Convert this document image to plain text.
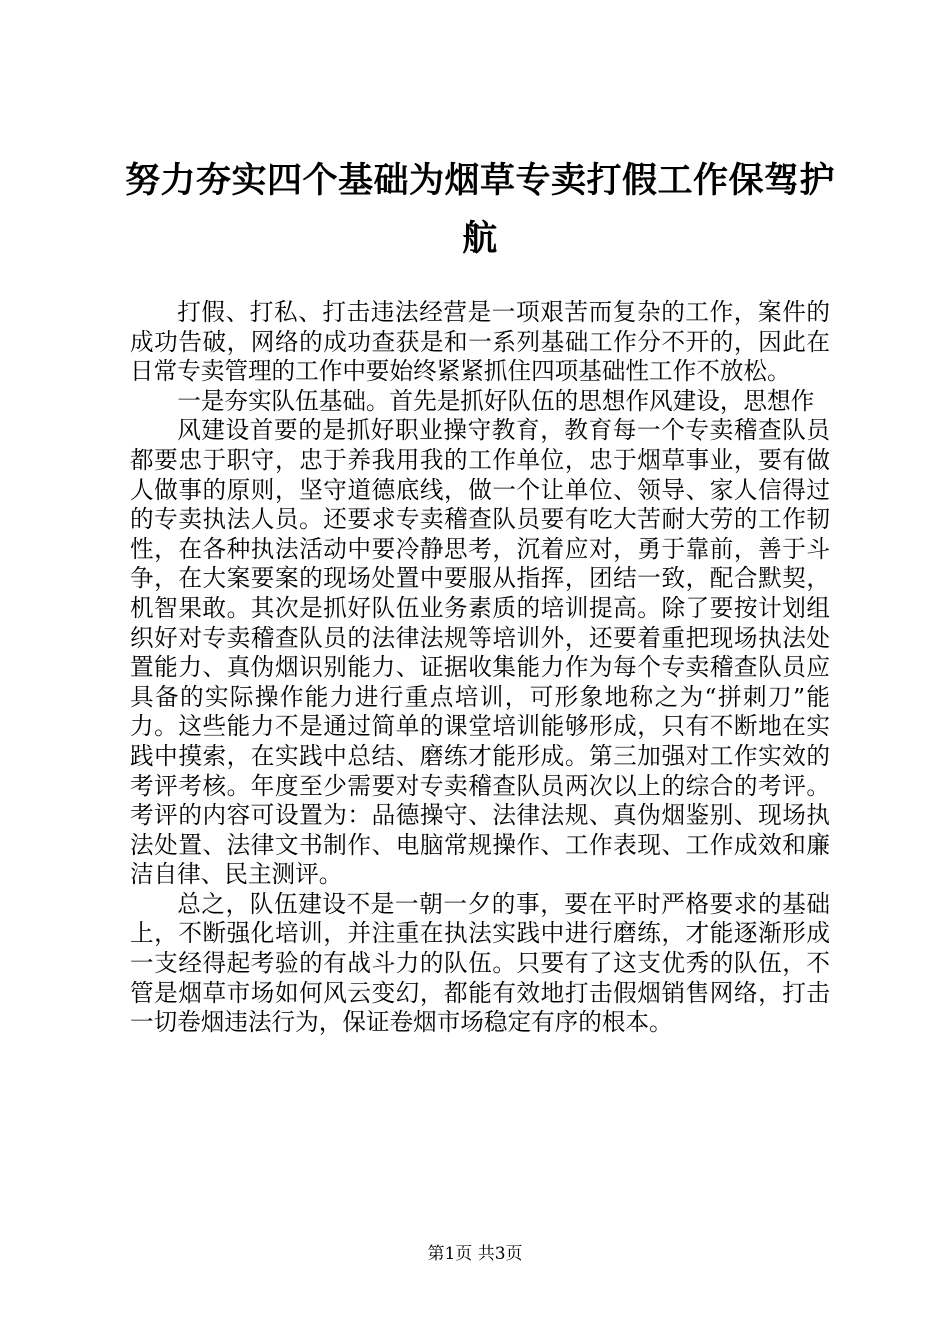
努力夯实四个基础为烟草专卖打假工作保驾护航

打假、打私、打击违法经营是一项艰苦而复杂的工作，案件的成功告破，网络的成功查获是和一系列基础工作分不开的，因此在日常专卖管理的工作中要始终紧紧抓住四项基础性工作不放松。

一是夯实队伍基础。首先是抓好队伍的思想作风建设，思想作

风建设首要的是抓好职业操守教育，教育每一个专卖稽查队员都要忠于职守，忠于养我用我的工作单位，忠于烟草事业，要有做人做事的原则，坚守道德底线，做一个让单位、领导、家人信得过的专卖执法人员。还要求专卖稽查队员要有吃大苦耐大劳的工作韧性，在各种执法活动中要冷静思考，沉着应对，勇于靠前，善于斗争，在大案要案的现场处置中要服从指挥，团结一致，配合默契，机智果敢。其次是抓好队伍业务素质的培训提高。除了要按计划组织好对专卖稽查队员的法律法规等培训外，还要着重把现场执法处置能力、真伪烟识别能力、证据收集能力作为每个专卖稽查队员应具备的实际操作能力进行重点培训，可形象地称之为“拼刺刀”能力。这些能力不是通过简单的课堂培训能够形成，只有不断地在实践中摸索，在实践中总结、磨练才能形成。第三加强对工作实效的考评考核。年度至少需要对专卖稽查队员两次以上的综合的考评。考评的内容可设置为：品德操守、法律法规、真伪烟鉴别、现场执法处置、法律文书制作、电脑常规操作、工作表现、工作成效和廉洁自律、民主测评。

总之，队伍建设不是一朝一夕的事，要在平时严格要求的基础上，不断强化培训，并注重在执法实践中进行磨练，才能逐渐形成一支经得起考验的有战斗力的队伍。只要有了这支优秀的队伍，不管是烟草市场如何风云变幻，都能有效地打击假烟销售网络，打击一切卷烟违法行为，保证卷烟市场稳定有序的根本。

第1页 共3页
